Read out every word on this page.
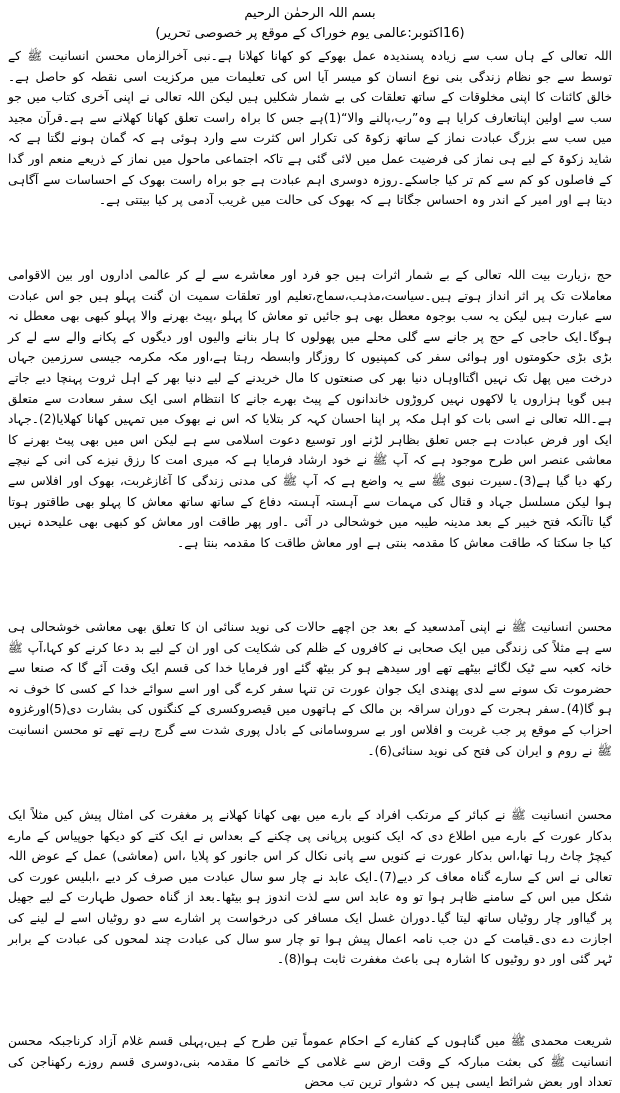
بسم اللہ الرحمٰن الرحیم
(16اکتوبر:عالمی یوم خوراک کے موقع پر خصوصی تحریر)

اللہ تعالی کے ہاں سب سے زیادہ پسندیدہ عمل بھوکے کو کھانا کھلانا ہے۔نبی آخرالزماں محسن انسانیت ﷺ کے توسط سے جو نظام زندگی بنی نوع انسان کو میسر آیا اس کی تعلیمات میں مرکزیت اسی نقطہ کو حاصل ہے۔خالق کائنات کا اپنی مخلوقات کے ساتھ تعلقات کی بے شمار شکلیں ہیں لیکن اللہ تعالی نے اپنی آخری کتاب میں جو سب سے اولین اپناتعارف کرایا ہے وہ”رب،پالنے والا“(1)ہے جس کا براہ راست تعلق کھانا کھلانے سے ہے۔قرآن مجید میں سب سے بزرگ عبادت نماز کے ساتھ زکوۃ کی تکرار اس کثرت سے وارد ہوئی ہے کہ گمان ہونے لگتا ہے کہ شاید زکوۃ کے لیے ہی نماز کی فرضیت عمل میں لائی گئی ہے تاکہ اجتماعی ماحول میں نماز کے ذریعے منعم اور گدا کے فاصلوں کو کم سے کم تر کیا جاسکے۔روزہ دوسری اہم عبادت ہے جو براہ راست بھوک کے احساسات سے آگاہی دیتا ہے اور امیر کے اندر وہ احساس جگاتا ہے کہ بھوک کی حالت میں غریب آدمی پر کیا بیتتی ہے۔

حج ،زیارت بیت اللہ تعالی کے بے شمار اثرات ہیں جو فرد اور معاشرے سے لے کر عالمی اداروں اور بین الاقوامی معاملات تک پر اثر انداز ہوتے ہیں۔سیاست،مذہب،سماج،تعلیم اور تعلقات سمیت ان گنت پہلو ہیں جو اس عبادت سے عبارت ہیں لیکن یہ سب بوجوہ معطل بھی ہو جائیں تو معاش کا پہلو ،پیٹ بھرنے والا پہلو کبھی بھی معطل نہ ہوگا۔ایک حاجی کے حج پر جانے سے گلی محلے میں پھولوں کا ہار بنانے والیوں اور دیگوں کے پکانے والے سے لے کر بڑی بڑی حکومتوں اور ہوائی سفر کی کمپنیوں کا روزگار وابسطہ رہتا ہے،اور مکہ مکرمہ جیسی سرزمین جہاں درخت میں پھل تک نہیں اگتااوہاں دنیا بھر کی صنعتوں کا مال خریدنے کے لیے دنیا بھر کے اہل ثروت پہنچا دیے جاتے ہیں گویا ہزاروں یا لاکھوں نہیں کروڑوں خاندانوں کے پیٹ بھرے جانے کا انتظام اسی ایک سفر سعادت سے متعلق ہے۔اللہ تعالی نے اسی بات کو اہل مکہ پر اپنا احسان کہہ کر بتلایا کہ اس نے بھوک میں تمہیں کھانا کھلایا(2)۔جہاد ایک اور فرض عبادت ہے جس تعلق بظاہر لڑنے اور توسیع دعوت اسلامی سے ہے لیکن اس میں بھی پیٹ بھرنے کا معاشی عنصر اس طرح موجود ہے کہ آپ ﷺ نے خود ارشاد فرمایا ہے کہ میری امت کا رزق نیزے کی انی کے نیچے رکھ دیا گیا ہے(3)۔سیرت نبوی ﷺ سے یہ واضع ہے کہ آپ ﷺ کی مدنی زندگی کا آغازغربت، بھوک اور افلاس سے ہوا لیکن مسلسل جہاد و قتال کی مہمات سے آہستہ آہستہ دفاع کے ساتھ ساتھ معاش کا پہلو بھی طاقتور ہوتا گیا تاآنکہ فتح خیبر کے بعد مدینہ طیبہ میں خوشحالی در آئی ۔اور پھر طاقت اور معاش کو کبھی بھی علیحدہ نہیں کیا جا سکتا کہ طاقت معاش کا مقدمہ بنتی ہے اور معاش طاقت کا مقدمہ بنتا ہے۔

محسن انسانیت ﷺ نے اپنی آمدسعید کے بعد جن اچھے حالات کی نوید سنائی ان کا تعلق بھی معاشی خوشحالی ہی سے ہے مثلاً کی زندگی میں ایک صحابی نے کافروں کے ظلم کی شکایت کی اور ان کے لیے بد دعا کرنے کو کہا،آپ ﷺ خانہ کعبہ سے ٹیک لگائے بیٹھے تھے اور سیدھے ہو کر بیٹھ گئے اور فرمایا خدا کی قسم ایک وقت آئے گا کہ صنعا سے حضرموت تک سونے سے لدی پھندی ایک جوان عورت تن تنہا سفر کرے گی اور اسے سوائے خدا کے کسی کا خوف نہ ہو گا(4)۔سفر ہجرت کے دوران سراقہ بن مالک کے ہاتھوں میں قیصروکسری کے کنگنوں کی بشارت دی(5)اورغزوہ احزاب کے موقع پر جب غربت و افلاس اور بے سروسامانی کے بادل پوری شدت سے گرج رہے تھے تو محسن انسانیت ﷺ نے روم و ایران کی فتح کی نوید سنائی(6)۔

محسن انسانیت ﷺ نے کبائر کے مرتکب افراد کے بارے میں بھی کھانا کھلانے پر مغفرت کی امثال پیش کیں مثلاً ایک بدکار عورت کے بارے میں اطلاع دی کہ ایک کنویں پرپانی پی چکنے کے بعداس نے ایک کتے کو دیکھا جوپیاس کے مارے کیچڑ چاٹ رہا تھا،اس بدکار عورت نے کنویں سے پانی نکال کر اس جانور کو پلایا ،اس (معاشی) عمل کے عوض اللہ تعالی نے اس کے سارے گناہ معاف کر دیے(7)۔ایک عابد نے چار سو سال عبادت میں صرف کر دیے ،ابلیس عورت کی شکل میں اس کے سامنے ظاہر ہوا تو وہ عابد اس سے لذت اندوز ہو بیٹھا۔بعد از گناہ حصول طہارت کے لیے جھیل پر گیااور چار روٹیاں ساتھ لیتا گیا۔دوران غسل ایک مسافر کی درخواست پر اشارے سے دو روٹیاں اسے لے لینے کی اجازت دے دی۔قیامت کے دن جب نامہ اعمال پیش ہوا تو چار سو سال کی عبادت چند لمحوں کی عبادت کے برابر ٹہر گئی اور دو روٹیوں کا اشارہ ہی باعث مغفرت ثابت ہوا(8)۔

شریعت محمدی ﷺ میں گناہوں کے کفارے کے احکام عموماً تین طرح کے ہیں،پہلی قسم غلام آزاد کرناجبکہ محسن انسانیت ﷺ کی بعثت مبارکہ کے وقت ارض سے غلامی کے خاتمے کا مقدمہ بنی،دوسری قسم روزے رکھناجن کی تعداد اور بعض شرائط ایسی ہیں کہ دشوار ترین تب محض
